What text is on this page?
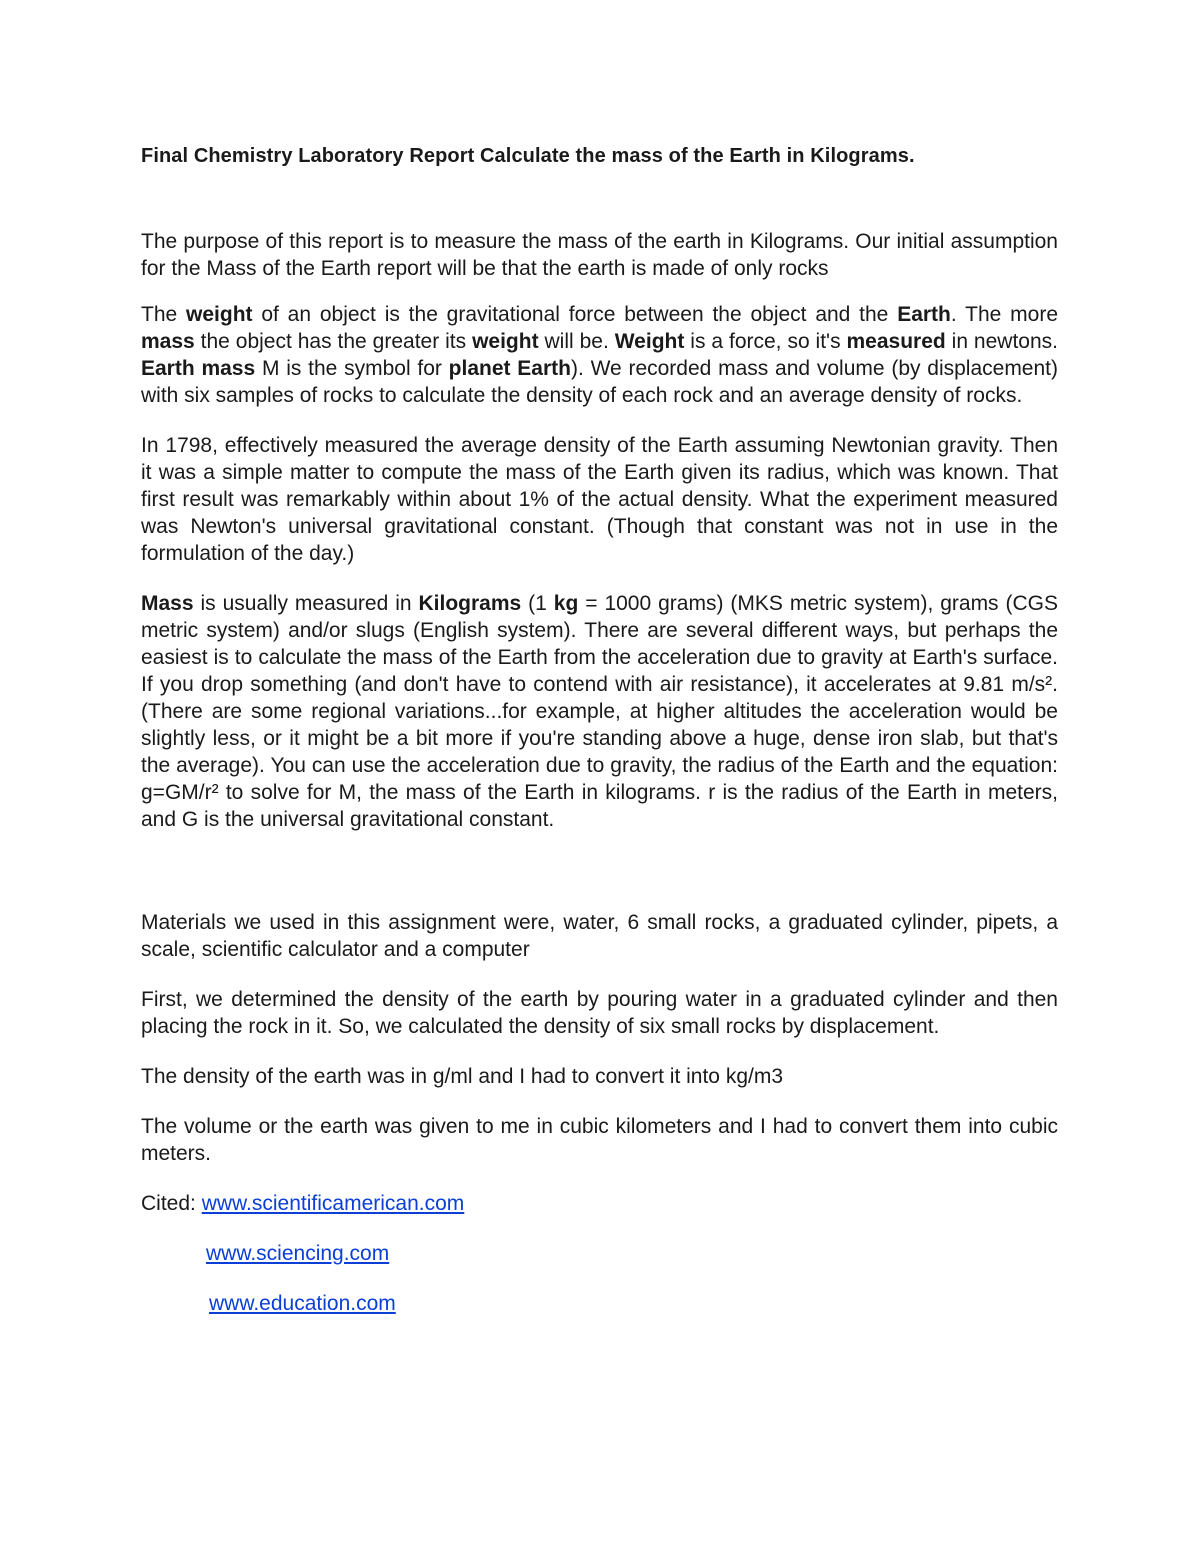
Final Chemistry Laboratory Report Calculate the mass of the Earth in Kilograms.

The purpose of this report is to measure the mass of the earth in Kilograms. Our initial assumption for the Mass of the Earth report will be that the earth is made of only rocks

The weight of an object is the gravitational force between the object and the Earth. The more mass the object has the greater its weight will be. Weight is a force, so it's measured in newtons. Earth mass M is the symbol for planet Earth). We recorded mass and volume (by displacement) with six samples of rocks to calculate the density of each rock and an average density of rocks.

In 1798, effectively measured the average density of the Earth assuming Newtonian gravity. Then it was a simple matter to compute the mass of the Earth given its radius, which was known. That first result was remarkably within about 1% of the actual density. What the experiment measured was Newton's universal gravitational constant. (Though that constant was not in use in the formulation of the day.)

Mass is usually measured in Kilograms (1 kg = 1000 grams) (MKS metric system), grams (CGS metric system) and/or slugs (English system). There are several different ways, but perhaps the easiest is to calculate the mass of the Earth from the acceleration due to gravity at Earth's surface. If you drop something (and don't have to contend with air resistance), it accelerates at 9.81 m/s². (There are some regional variations...for example, at higher altitudes the acceleration would be slightly less, or it might be a bit more if you're standing above a huge, dense iron slab, but that's the average). You can use the acceleration due to gravity, the radius of the Earth and the equation: g=GM/r² to solve for M, the mass of the Earth in kilograms. r is the radius of the Earth in meters, and G is the universal gravitational constant.

Materials we used in this assignment were, water, 6 small rocks, a graduated cylinder, pipets, a scale, scientific calculator and a computer

First, we determined the density of the earth by pouring water in a graduated cylinder and then placing the rock in it. So, we calculated the density of six small rocks by displacement.

The density of the earth was in g/ml and I had to convert it into kg/m3

The volume or the earth was given to me in cubic kilometers and I had to convert them into cubic meters.

Cited: www.scientificamerican.com

www.sciencing.com
www.education.com
